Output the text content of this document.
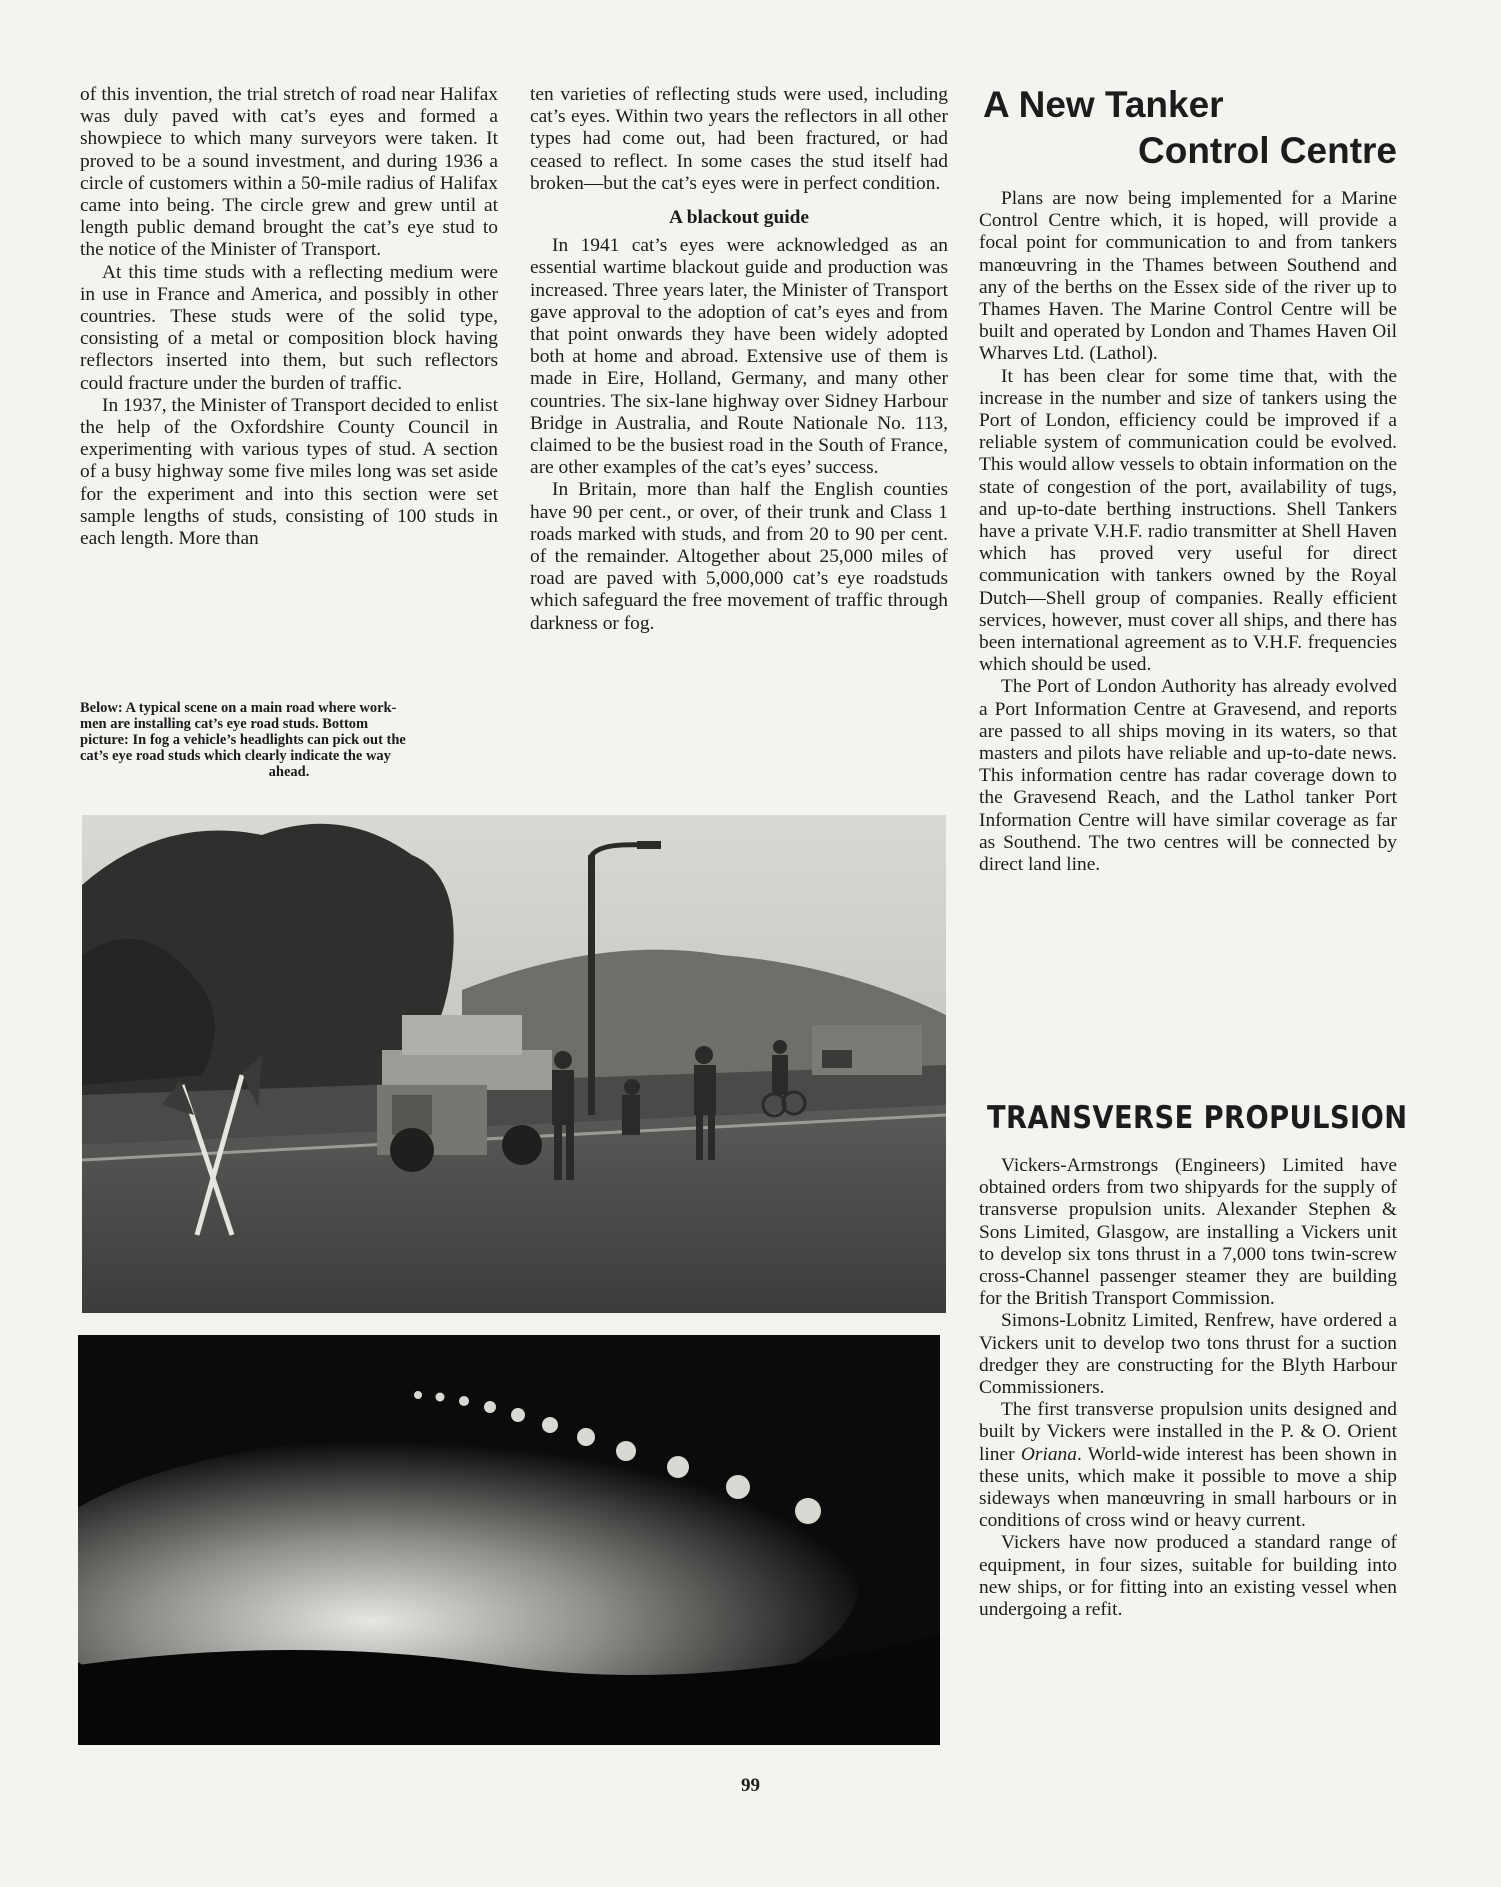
of this invention, the trial stretch of road near Halifax was duly paved with cat’s eyes and formed a showpiece to which many surveyors were taken. It proved to be a sound investment, and during 1936 a circle of customers within a 50-mile radius of Halifax came into being. The circle grew and grew until at length public demand brought the cat’s eye stud to the notice of the Minister of Transport.

At this time studs with a reflecting medium were in use in France and America, and possibly in other countries. These studs were of the solid type, consisting of a metal or composition block having reflectors inserted into them, but such reflectors could fracture under the burden of traffic.

In 1937, the Minister of Transport decided to enlist the help of the Oxfordshire County Council in experimenting with various types of stud. A section of a busy highway some five miles long was set aside for the experiment and into this section were set sample lengths of studs, consisting of 100 studs in each length. More than

Below: A typical scene on a main road where work-
men are installing cat’s eye road studs. Bottom
picture: In fog a vehicle’s headlights can pick out the
cat’s eye road studs which clearly indicate the way
ahead.

ten varieties of reflecting studs were used, including cat’s eyes. Within two years the reflectors in all other types had come out, had been fractured, or had ceased to reflect. In some cases the stud itself had broken—but the cat’s eyes were in perfect condition.

A blackout guide

In 1941 cat’s eyes were acknowledged as an essential wartime blackout guide and production was increased. Three years later, the Minister of Transport gave approval to the adoption of cat’s eyes and from that point onwards they have been widely adopted both at home and abroad. Extensive use of them is made in Eire, Holland, Germany, and many other countries. The six-lane highway over Sidney Harbour Bridge in Australia, and Route Nationale No. 113, claimed to be the busiest road in the South of France, are other examples of the cat’s eyes’ success.

In Britain, more than half the English counties have 90 per cent., or over, of their trunk and Class 1 roads marked with studs, and from 20 to 90 per cent. of the remainder. Altogether about 25,000 miles of road are paved with 5,000,000 cat’s eye roadstuds which safeguard the free movement of traffic through darkness or fog.

A New Tanker
Control Centre

Plans are now being implemented for a Marine Control Centre which, it is hoped, will provide a focal point for communication to and from tankers manœuvring in the Thames between Southend and any of the berths on the Essex side of the river up to Thames Haven. The Marine Control Centre will be built and operated by London and Thames Haven Oil Wharves Ltd. (Lathol).

It has been clear for some time that, with the increase in the number and size of tankers using the Port of London, efficiency could be improved if a reliable system of communication could be evolved. This would allow vessels to obtain information on the state of congestion of the port, availability of tugs, and up-to-date berthing instructions. Shell Tankers have a private V.H.F. radio transmitter at Shell Haven which has proved very useful for direct communication with tankers owned by the Royal Dutch—Shell group of companies. Really efficient services, however, must cover all ships, and there has been international agreement as to V.H.F. frequencies which should be used.

The Port of London Authority has already evolved a Port Information Centre at Gravesend, and reports are passed to all ships moving in its waters, so that masters and pilots have reliable and up-to-date news. This information centre has radar coverage down to the Gravesend Reach, and the Lathol tanker Port Information Centre will have similar coverage as far as Southend. The two centres will be connected by direct land line.

TRANSVERSE PROPULSION

Vickers-Armstrongs (Engineers) Limited have obtained orders from two shipyards for the supply of transverse propulsion units. Alexander Stephen & Sons Limited, Glasgow, are installing a Vickers unit to develop six tons thrust in a 7,000 tons twin-screw cross-Channel passenger steamer they are building for the British Transport Commission.

Simons-Lobnitz Limited, Renfrew, have ordered a Vickers unit to develop two tons thrust for a suction dredger they are constructing for the Blyth Harbour Commissioners.

The first transverse propulsion units designed and built by Vickers were installed in the P. & O. Orient liner Oriana. World-wide interest has been shown in these units, which make it possible to move a ship sideways when manœuvring in small harbours or in conditions of cross wind or heavy current.

Vickers have now produced a standard range of equipment, in four sizes, suitable for building into new ships, or for fitting into an existing vessel when undergoing a refit.

99
